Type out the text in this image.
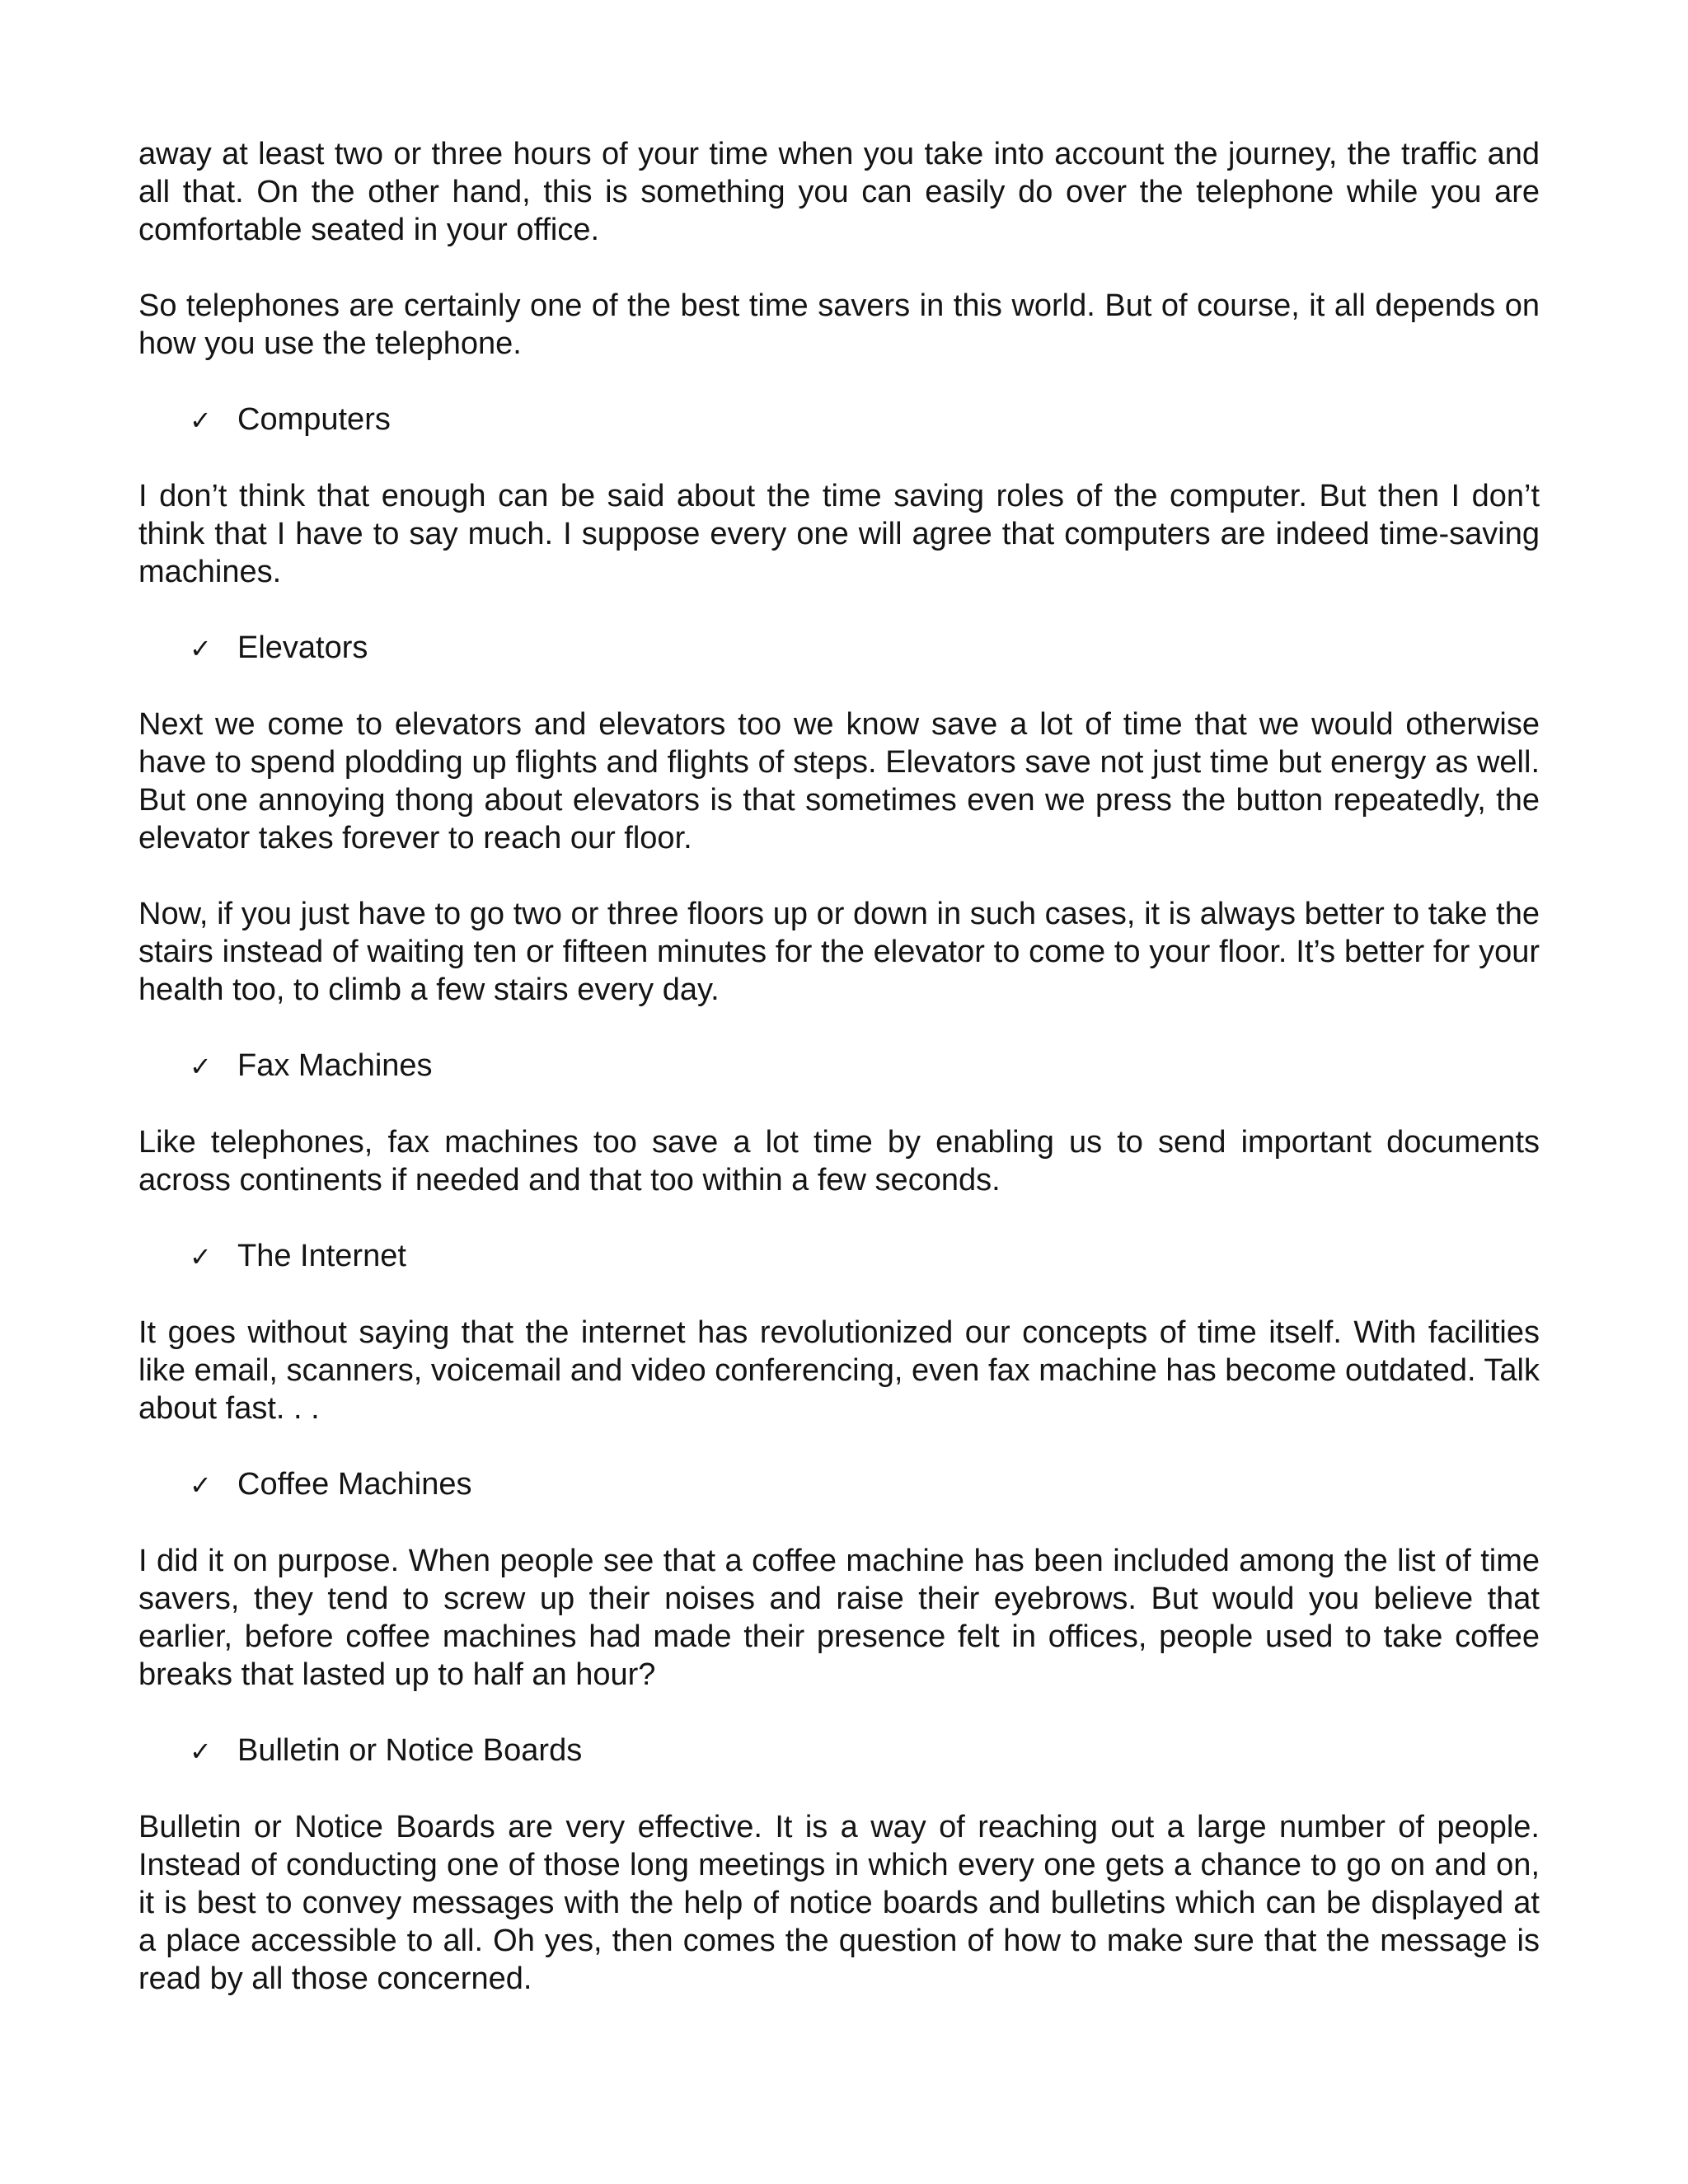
away at least two or three hours of your time when you take into account the journey, the traffic and all that. On the other hand, this is something you can easily do over the telephone while you are comfortable seated in your office.

So telephones are certainly one of the best time savers in this world. But of course, it all depends on how you use the telephone.

✓ Computers

I don’t think that enough can be said about the time saving roles of the computer. But then I don’t think that I have to say much. I suppose every one will agree that computers are indeed time-saving machines.

✓ Elevators

Next we come to elevators and elevators too we know save a lot of time that we would otherwise have to spend plodding up flights and flights of steps. Elevators save not just time but energy as well. But one annoying thong about elevators is that sometimes even we press the button repeatedly, the elevator takes forever to reach our floor.

Now, if you just have to go two or three floors up or down in such cases, it is always better to take the stairs instead of waiting ten or fifteen minutes for the elevator to come to your floor. It’s better for your health too, to climb a few stairs every day.

✓ Fax Machines

Like telephones, fax machines too save a lot time by enabling us to send important documents across continents if needed and that too within a few seconds.

✓ The Internet

It goes without saying that the internet has revolutionized our concepts of time itself. With facilities like email, scanners, voicemail and video conferencing, even fax machine has become outdated. Talk about fast. . .

✓ Coffee Machines

I did it on purpose. When people see that a coffee machine has been included among the list of time savers, they tend to screw up their noises and raise their eyebrows. But would you believe that earlier, before coffee machines had made their presence felt in offices, people used to take coffee breaks that lasted up to half an hour?

✓ Bulletin or Notice Boards

Bulletin or Notice Boards are very effective. It is a way of reaching out a large number of people. Instead of conducting one of those long meetings in which every one gets a chance to go on and on, it is best to convey messages with the help of notice boards and bulletins which can be displayed at a place accessible to all. Oh yes, then comes the question of how to make sure that the message is read by all those concerned.
